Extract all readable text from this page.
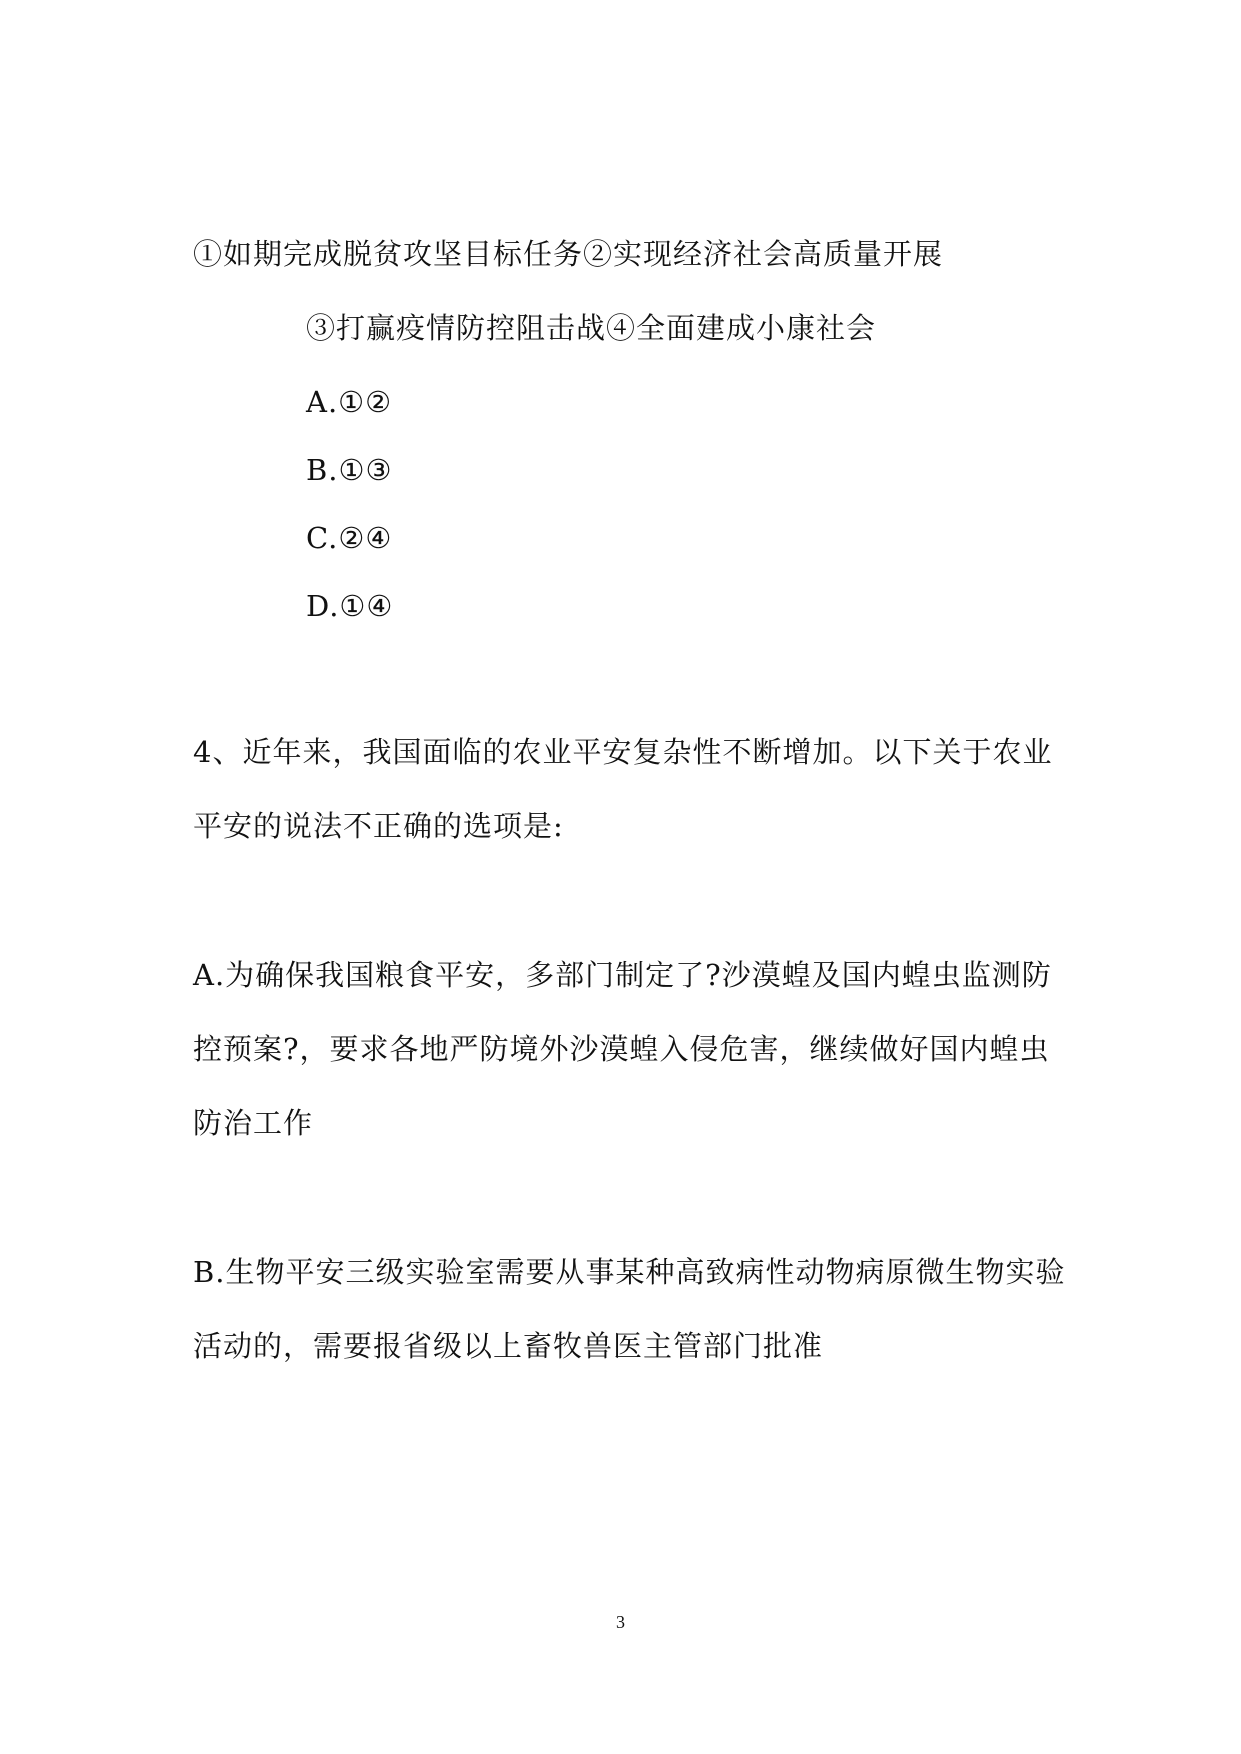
①如期完成脱贫攻坚目标任务②实现经济社会高质量开展
③打赢疫情防控阻击战④全面建成小康社会
A.①②
B.①③
C.②④
D.①④
4、近年来，我国面临的农业平安复杂性不断增加。以下关于农业
平安的说法不正确的选项是:
A.为确保我国粮食平安，多部门制定了?沙漠蝗及国内蝗虫监测防
控预案?，要求各地严防境外沙漠蝗入侵危害，继续做好国内蝗虫
防治工作
B.生物平安三级实验室需要从事某种高致病性动物病原微生物实验
活动的，需要报省级以上畜牧兽医主管部门批准
3
